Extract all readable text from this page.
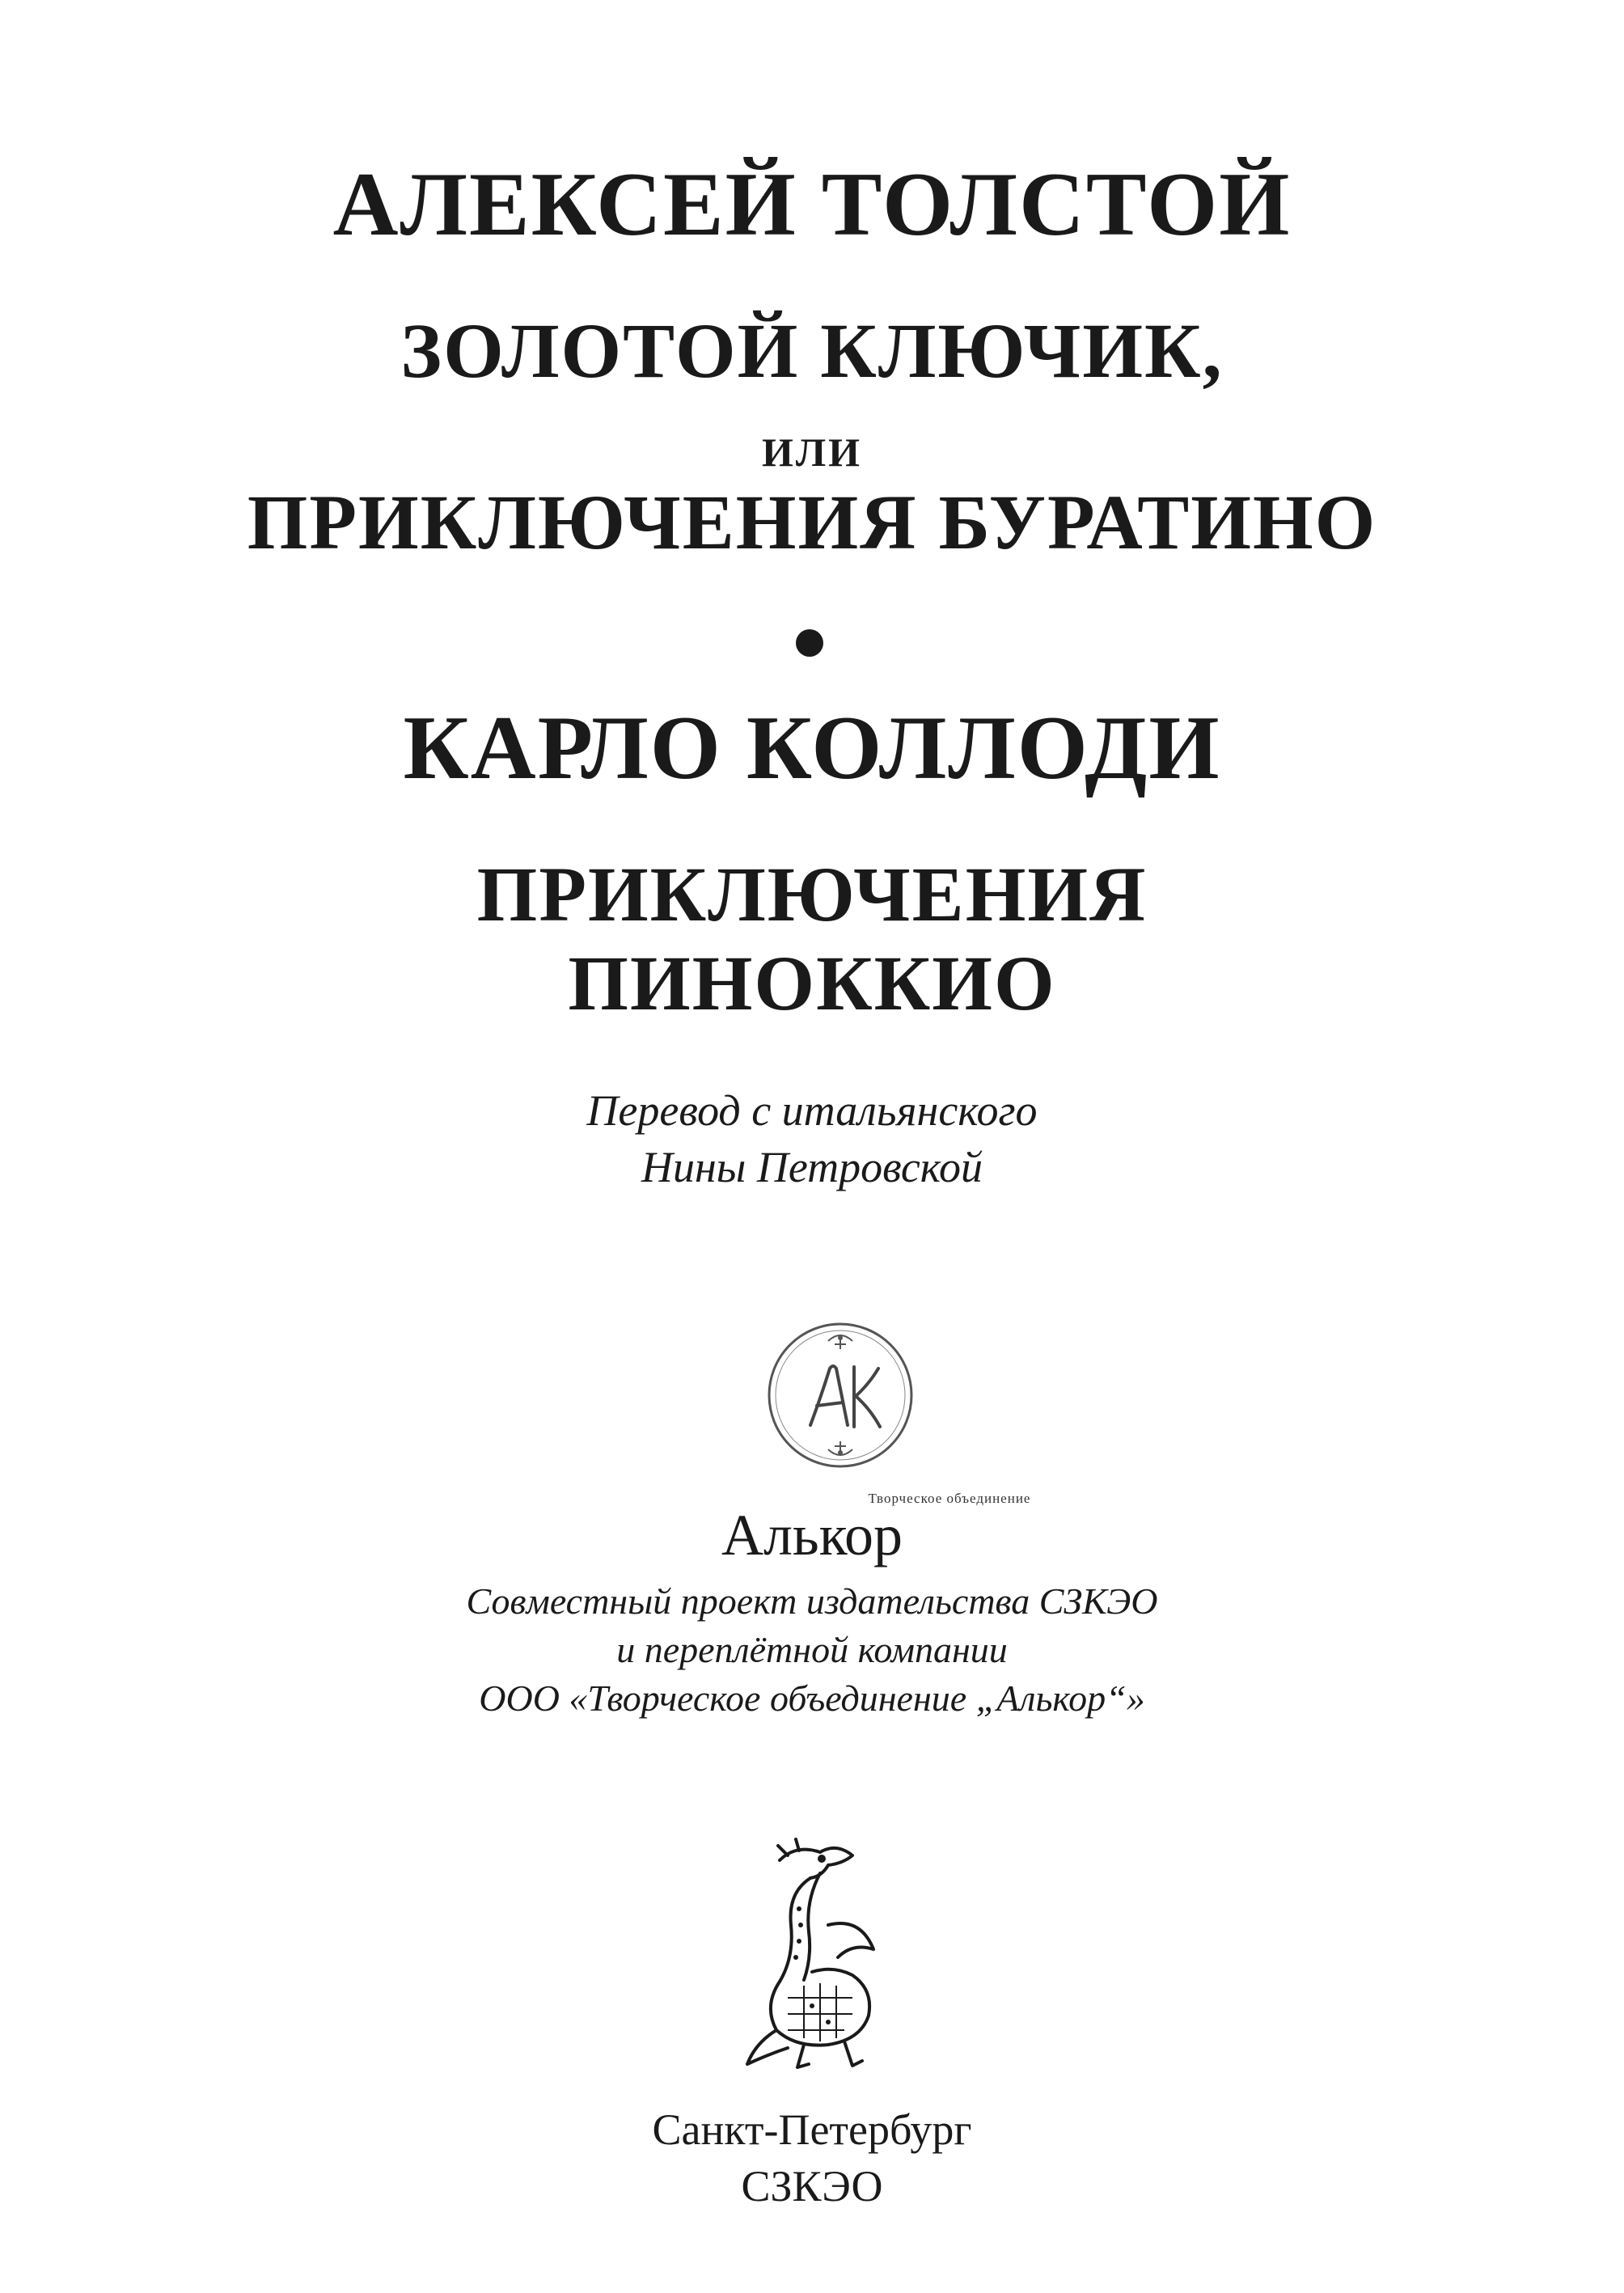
АЛЕКСЕЙ ТОЛСТОЙ
ЗОЛОТОЙ КЛЮЧИК,
или
ПРИКЛЮЧЕНИЯ БУРАТИНО
КАРЛО КОЛЛОДИ
ПРИКЛЮЧЕНИЯ
ПИНОККИО
Перевод с итальянского
Нины Петровской
Творческое объединение
Алькор
Совместный проект издательства СЗКЭО
и переплётной компании
ООО «Творческое объединение „Алькор“»
Санкт-Петербург
СЗКЭО
